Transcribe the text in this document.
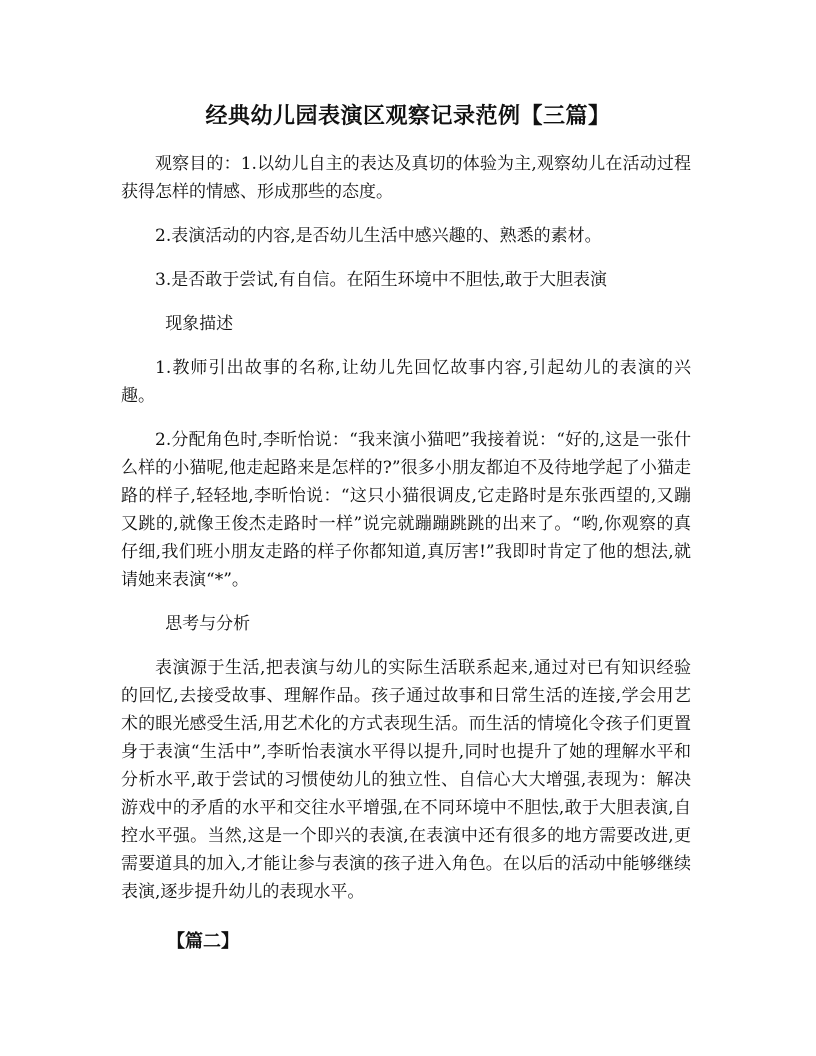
经典幼儿园表演区观察记录范例【三篇】

观察目的：1.以幼儿自主的表达及真切的体验为主,观察幼儿在活动过程获得怎样的情感、形成那些的态度。

2.表演活动的内容,是否幼儿生活中感兴趣的、熟悉的素材。

3.是否敢于尝试,有自信。在陌生环境中不胆怯,敢于大胆表演

现象描述

1.教师引出故事的名称,让幼儿先回忆故事内容,引起幼儿的表演的兴趣。

2.分配角色时,李昕怡说：“我来演小猫吧”我接着说：“好的,这是一张什么样的小猫呢,他走起路来是怎样的?”很多小朋友都迫不及待地学起了小猫走路的样子,轻轻地,李昕怡说：“这只小猫很调皮,它走路时是东张西望的,又蹦又跳的,就像王俊杰走路时一样”说完就蹦蹦跳跳的出来了。“哟,你观察的真仔细,我们班小朋友走路的样子你都知道,真厉害!”我即时肯定了他的想法,就请她来表演“*”。

思考与分析

表演源于生活,把表演与幼儿的实际生活联系起来,通过对已有知识经验的回忆,去接受故事、理解作品。孩子通过故事和日常生活的连接,学会用艺术的眼光感受生活,用艺术化的方式表现生活。而生活的情境化令孩子们更置身于表演“生活中”,李昕怡表演水平得以提升,同时也提升了她的理解水平和分析水平,敢于尝试的习惯使幼儿的独立性、自信心大大增强,表现为：解决游戏中的矛盾的水平和交往水平增强,在不同环境中不胆怯,敢于大胆表演,自控水平强。当然,这是一个即兴的表演,在表演中还有很多的地方需要改进,更需要道具的加入,才能让参与表演的孩子进入角色。在以后的活动中能够继续表演,逐步提升幼儿的表现水平。

【篇二】
